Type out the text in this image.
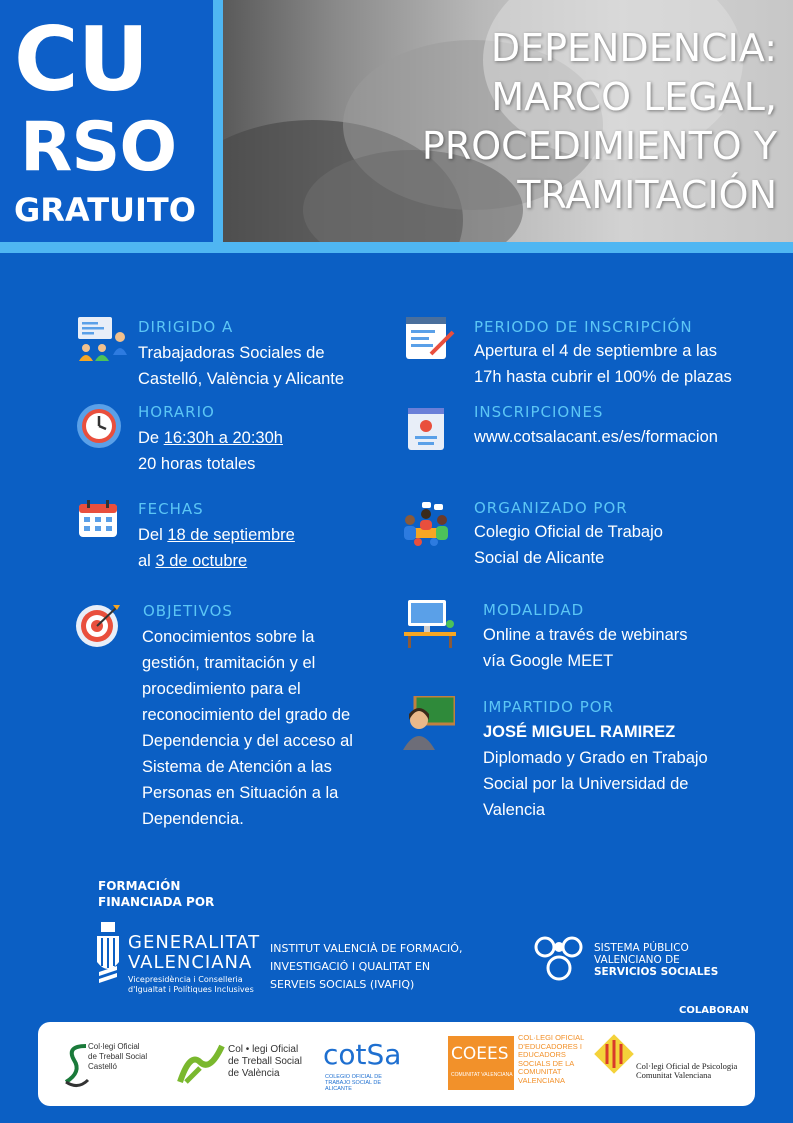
CU
RSO
GRATUITO
DEPENDENCIA:
MARCO LEGAL,
PROCEDIMIENTO Y
TRAMITACIÓN
DIRIGIDO A
Trabajadoras Sociales de
Castelló, València y Alicante
HORARIO
De 16:30h a 20:30h
20 horas totales
FECHAS
Del 18 de septiembre
al 3 de octubre
OBJETIVOS
Conocimientos sobre la
gestión, tramitación y el
procedimiento para el
reconocimiento del grado de
Dependencia y del acceso al
Sistema de Atención a las
Personas en Situación a la
Dependencia.
PERIODO DE INSCRIPCIÓN
Apertura el 4 de septiembre a las
17h hasta cubrir el 100% de plazas
INSCRIPCIONES
www.cotsalacant.es/es/formacion
ORGANIZADO POR
Colegio Oficial de Trabajo
Social de Alicante
MODALIDAD
Online a través de webinars
vía Google MEET
IMPARTIDO POR
JOSÉ MIGUEL RAMIREZ
Diplomado y Grado en Trabajo
Social por la Universidad de
Valencia
FORMACIÓN
FINANCIADA POR
GENERALITAT
VALENCIANA
Vicepresidència i Conselleria
d'Igualtat i Polítiques Inclusives
INSTITUT VALENCIÀ DE FORMACIÓ,
INVESTIGACIÓ I QUALITAT EN
SERVEIS SOCIALS (IVAFIQ)
SISTEMA PÚBLICO
VALENCIANO DE
SERVICIOS SOCIALES
COLABORAN
Col·legi Oficial
de Treball Social
Castelló
Col • legi Oficial
de Treball Social
de València
cotSa
COLEGIO OFICIAL DE
TRABAJO SOCIAL DE
ALICANTE
COEES
COMUNITAT VALENCIANA
COL·LEGI OFICIAL
D'EDUCADORES I
EDUCADORS
SOCIALS DE LA
COMUNITAT
VALENCIANA
Col·legi Oficial de Psicologia
Comunitat Valenciana
